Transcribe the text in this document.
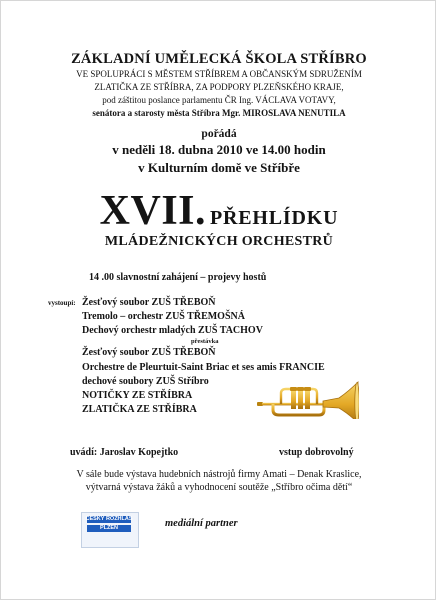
ZÁKLADNÍ UMĚLECKÁ ŠKOLA STŘÍBRO
VE SPOLUPRÁCI S MĚSTEM STŘÍBREM A OBČANSKÝM SDRUŽENÍM
ZLATIČKA ZE STŘÍBRA, ZA PODPORY PLZEŇSKÉHO KRAJE,
pod záštitou poslance parlamentu ČR Ing. VÁCLAVA VOTAVY,
senátora a starosty města Stříbra Mgr. MIROSLAVA NENUTILA
pořádá
v neděli 18. dubna 2010 ve 14.00 hodin
v Kulturním domě ve Stříbře
XVII. PŘEHLÍDKU
MLÁDEŽNICKÝCH ORCHESTRŮ
14 .00 slavnostní zahájení – projevy hostů
vystoupí: Žesťový soubor ZUŠ TŘEBOŇ
Tremolo – orchestr ZUŠ TŘEMOŠNÁ
Dechový orchestr mladých ZUŠ TACHOV
přestávka
Žesťový soubor ZUŠ TŘEBOŇ
Orchestre de Pleurtuit-Saint Briac et ses amis FRANCIE
dechové soubory ZUŠ Stříbro
NOTIČKY ZE STŘÍBRA
ZLATIČKA ZE STŘÍBRA
uvádí: Jaroslav Kopejtko	vstup dobrovolný
V sále bude výstava hudebních nástrojů firmy Amati – Denak Kraslice,
výtvarná výstava žáků a vyhodnocení soutěže „Stříbro očima dětí“
ČESKÝ ROZHLAS
PLZEŇ	mediální partner
